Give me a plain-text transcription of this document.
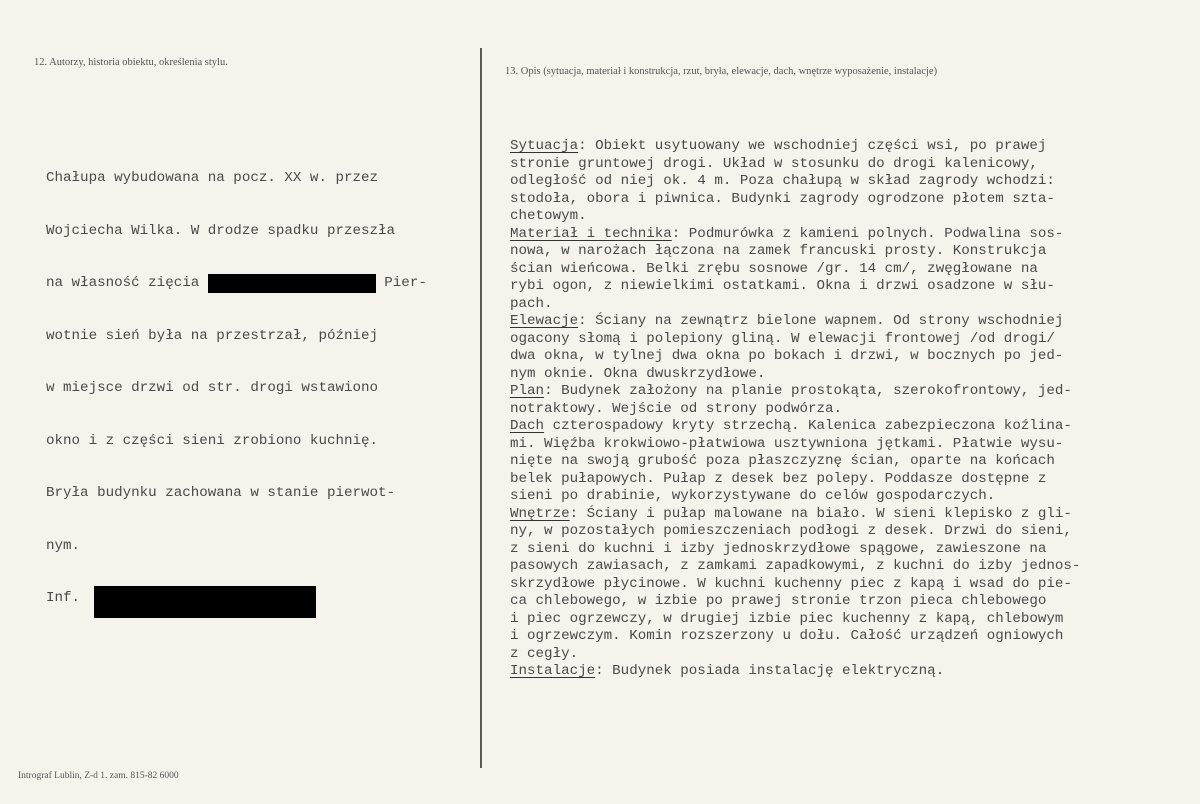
12. Autorzy, historia obiektu, określenia stylu.
13. Opis (sytuacja, materiał i konstrukcja, rzut, bryła, elewacje, dach, wnętrze wyposażenie, instalacje)

Chałupa wybudowana na pocz. XX w. przez

Wojciecha Wilka. W drodze spadku przeszła

na własność zięcia	Pier-

wotnie sień była na przestrzał, później

w miejsce drzwi od str. drogi wstawiono

okno i z części sieni zrobiono kuchnię.

Bryła budynku zachowana w stanie pierwot-

nym.

Inf.

Sytuacja: Obiekt usytuowany we wschodniej części wsi, po prawej
stronie gruntowej drogi. Układ w stosunku do drogi kalenicowy,
odległość od niej ok. 4 m. Poza chałupą w skład zagrody wchodzi:
stodoła, obora i piwnica. Budynki zagrody ogrodzone płotem szta-
chetowym.
Materiał i technika: Podmurówka z kamieni polnych. Podwalina sos-
nowa, w narożach łączona na zamek francuski prosty. Konstrukcja
ścian wieńcowa. Belki zrębu sosnowe /gr. 14 cm/, zwęgłowane na
rybi ogon, z niewielkimi ostatkami. Okna i drzwi osadzone w słu-
pach.
Elewacje: Ściany na zewnątrz bielone wapnem. Od strony wschodniej
ogacony słomą i polepiony gliną. W elewacji frontowej /od drogi/
dwa okna, w tylnej dwa okna po bokach i drzwi, w bocznych po jed-
nym oknie. Okna dwuskrzydłowe.
Plan: Budynek założony na planie prostokąta, szerokofrontowy, jed-
notraktowy. Wejście od strony podwórza.
Dach czterospadowy kryty strzechą. Kalenica zabezpieczona koźlina-
mi. Więźba krokwiowo-płatwiowa usztywniona jętkami. Płatwie wysu-
nięte na swoją grubość poza płaszczyznę ścian, oparte na końcach
belek pułapowych. Pułap z desek bez polepy. Poddasze dostępne z
sieni po drabinie, wykorzystywane do celów gospodarczych.
Wnętrze: Ściany i pułap malowane na biało. W sieni klepisko z gli-
ny, w pozostałych pomieszczeniach podłogi z desek. Drzwi do sieni,
z sieni do kuchni i izby jednoskrzydłowe spągowe, zawieszone na
pasowych zawiasach, z zamkami zapadkowymi, z kuchni do izby jednos-
skrzydłowe płycinowe. W kuchni kuchenny piec z kapą i wsad do pie-
ca chlebowego, w izbie po prawej stronie trzon pieca chlebowego
i piec ogrzewczy, w drugiej izbie piec kuchenny z kapą, chlebowym
i ogrzewczym. Komin rozszerzony u dołu. Całość urządzeń ogniowych
z cegły.
Instalacje: Budynek posiada instalację elektryczną.
Intrograf Lublin, Z-d 1. zam. 815-82 6000
